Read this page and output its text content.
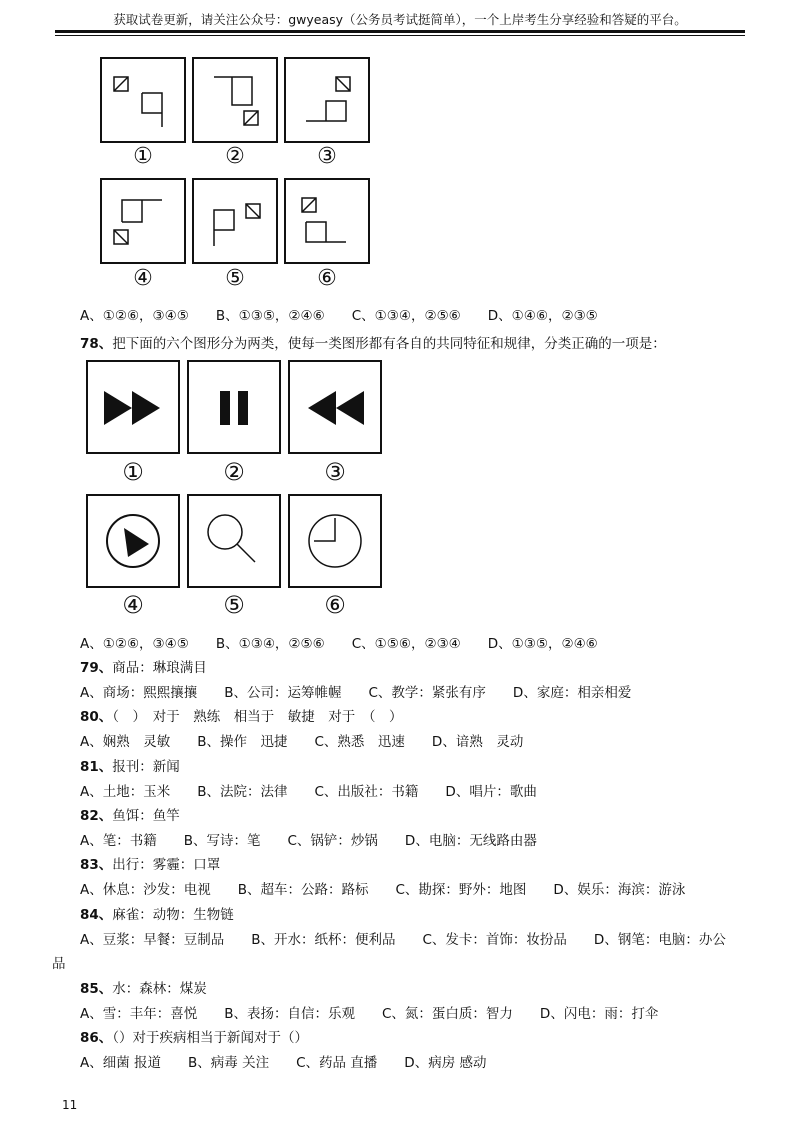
获取试卷更新，请关注公众号：gwyeasy（公务员考试挺简单），一个上岸考生分享经验和答疑的平台。
①	②	③
④	⑤	⑥
A、①②⑥，③④⑤　　B、①③⑤，②④⑥　　C、①③④，②⑤⑥　　D、①④⑥，②③⑤
78、把下面的六个图形分为两类，使每一类图形都有各自的共同特征和规律，分类正确的一项是：
①	②	③
④	⑤	⑥
A、①②⑥，③④⑤　　B、①③④，②⑤⑥　　C、①⑤⑥，②③④　　D、①③⑤，②④⑥
79、商品：琳琅满目
A、商场：熙熙攘攘　　B、公司：运筹帷幄　　C、教学：紧张有序　　D、家庭：相亲相爱
80、（　）　对于　熟练　相当于　敏捷　对于　（　）
A、娴熟　灵敏　　B、操作　迅捷　　C、熟悉　迅速　　D、谙熟　灵动
81、报刊：新闻
A、土地：玉米　　B、法院：法律　　C、出版社：书籍　　D、唱片：歌曲
82、鱼饵：鱼竿
A、笔：书籍　　B、写诗：笔　　C、锅铲：炒锅　　D、电脑：无线路由器
83、出行：雾霾：口罩
A、休息：沙发：电视　　B、超车：公路：路标　　C、勘探：野外：地图　　D、娱乐：海滨：游泳
84、麻雀：动物：生物链
A、豆浆：早餐：豆制品　　B、开水：纸杯：便利品　　C、发卡：首饰：妆扮品　　D、钢笔：电脑：办公
品
85、水：森林：煤炭
A、雪：丰年：喜悦　　B、表扬：自信：乐观　　C、氮：蛋白质：智力　　D、闪电：雨：打伞
86、（）对于疾病相当于新闻对于（）
A、细菌 报道　　B、病毒 关注　　C、药品 直播　　D、病房 感动
11
